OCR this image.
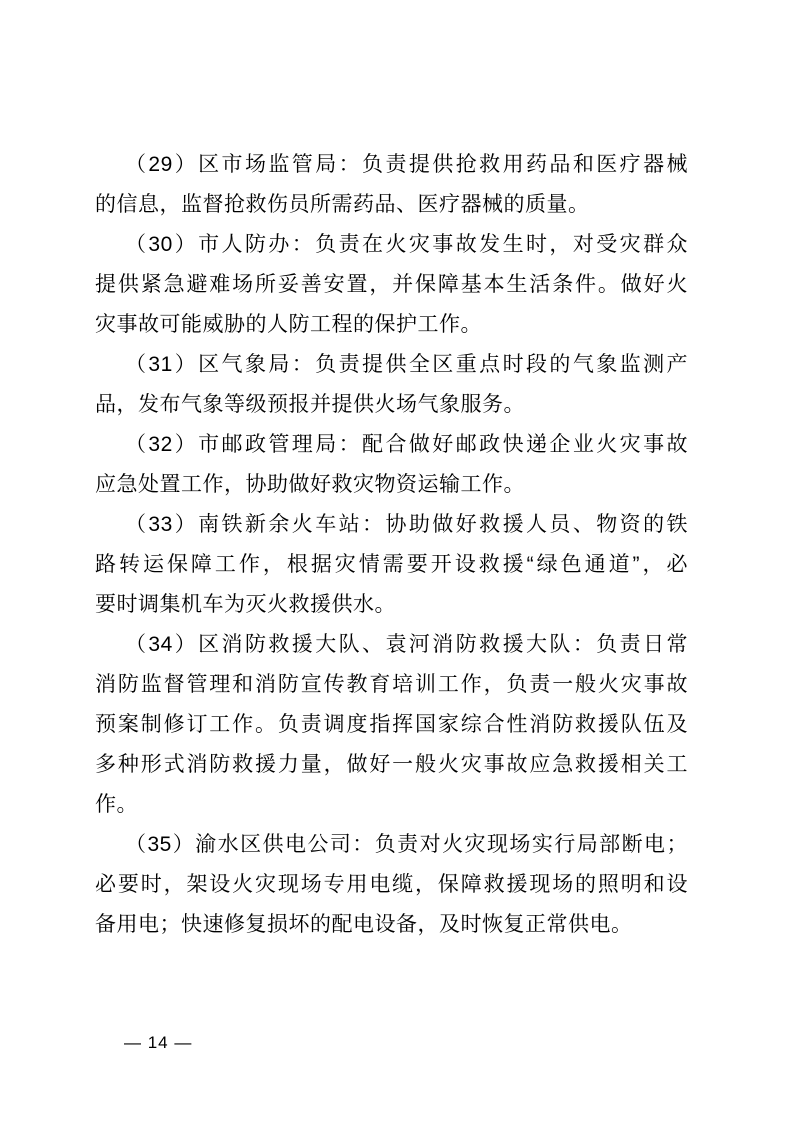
（29）区市场监管局：负责提供抢救用药品和医疗器械
的信息，监督抢救伤员所需药品、医疗器械的质量。
（30）市人防办：负责在火灾事故发生时，对受灾群众
提供紧急避难场所妥善安置，并保障基本生活条件。做好火
灾事故可能威胁的人防工程的保护工作。
（31）区气象局：负责提供全区重点时段的气象监测产
品，发布气象等级预报并提供火场气象服务。
（32）市邮政管理局：配合做好邮政快递企业火灾事故
应急处置工作，协助做好救灾物资运输工作。
（33）南铁新余火车站：协助做好救援人员、物资的铁
路转运保障工作，根据灾情需要开设救援“绿色通道”，必
要时调集机车为灭火救援供水。
（34）区消防救援大队、袁河消防救援大队：负责日常
消防监督管理和消防宣传教育培训工作，负责一般火灾事故
预案制修订工作。负责调度指挥国家综合性消防救援队伍及
多种形式消防救援力量，做好一般火灾事故应急救援相关工
作。
（35）渝水区供电公司：负责对火灾现场实行局部断电；
必要时，架设火灾现场专用电缆，保障救援现场的照明和设
备用电；快速修复损坏的配电设备，及时恢复正常供电。
— 14 —
